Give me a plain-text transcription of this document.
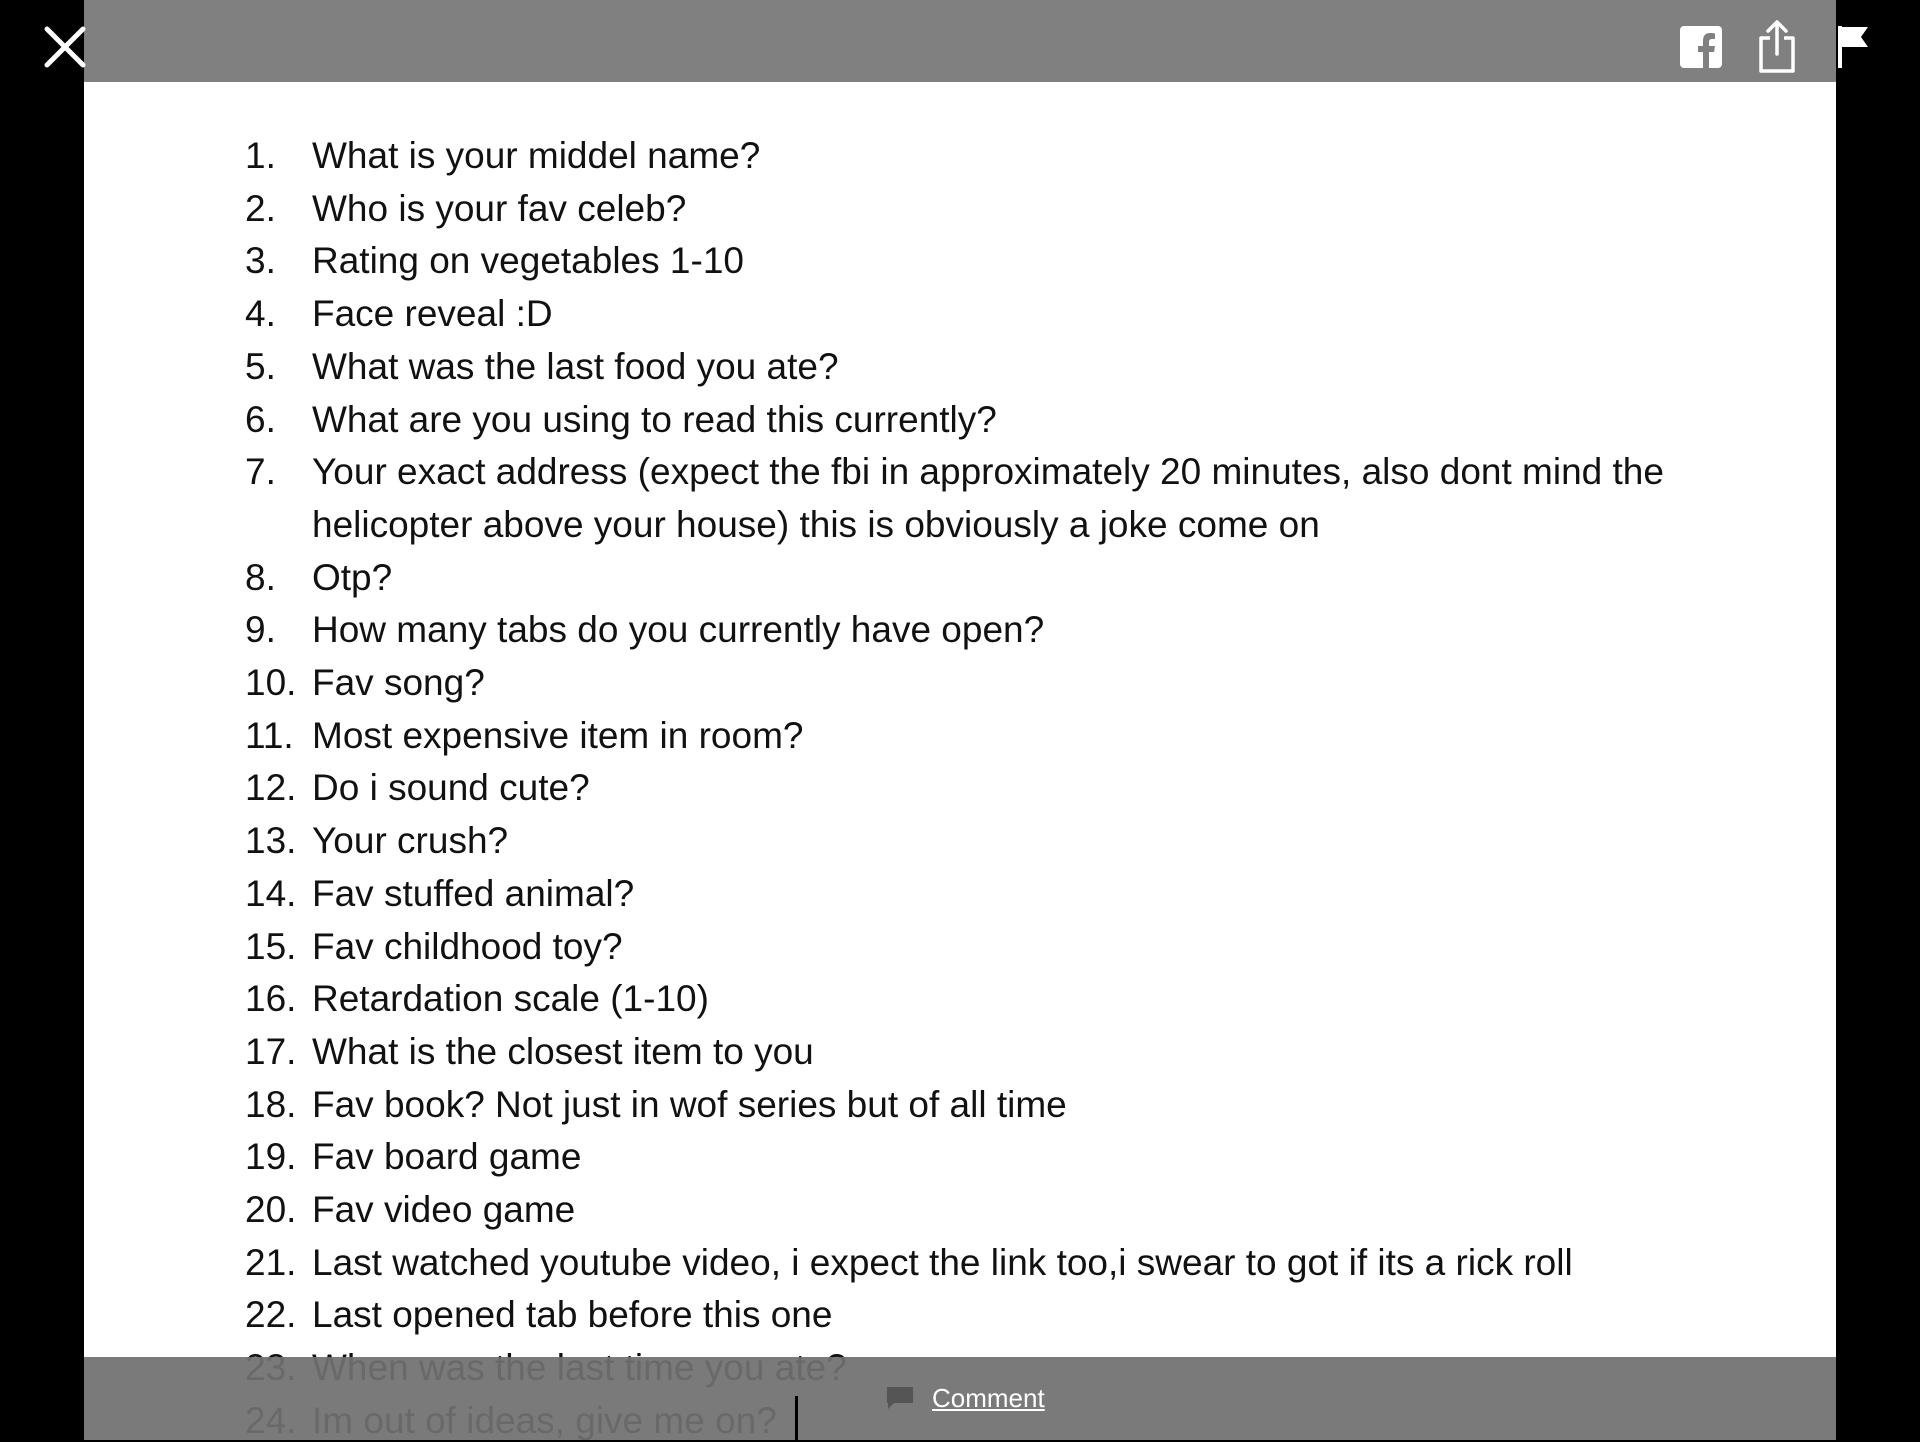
1. What is your middel name?
2. Who is your fav celeb?
3. Rating on vegetables 1-10
4. Face reveal :D
5. What was the last food you ate?
6. What are you using to read this currently?
7. Your exact address (expect the fbi in approximately 20 minutes, also dont mind the helicopter above your house) this is obviously a joke come on
8. Otp?
9. How many tabs do you currently have open?
10. Fav song?
11. Most expensive item in room?
12. Do i sound cute?
13. Your crush?
14. Fav stuffed animal?
15. Fav childhood toy?
16. Retardation scale (1-10)
17. What is the closest item to you
18. Fav book? Not just in wof series but of all time
19. Fav board game
20. Fav video game
21. Last watched youtube video, i expect the link too,i swear to got if its a rick roll
22. Last opened tab before this one
Comment
